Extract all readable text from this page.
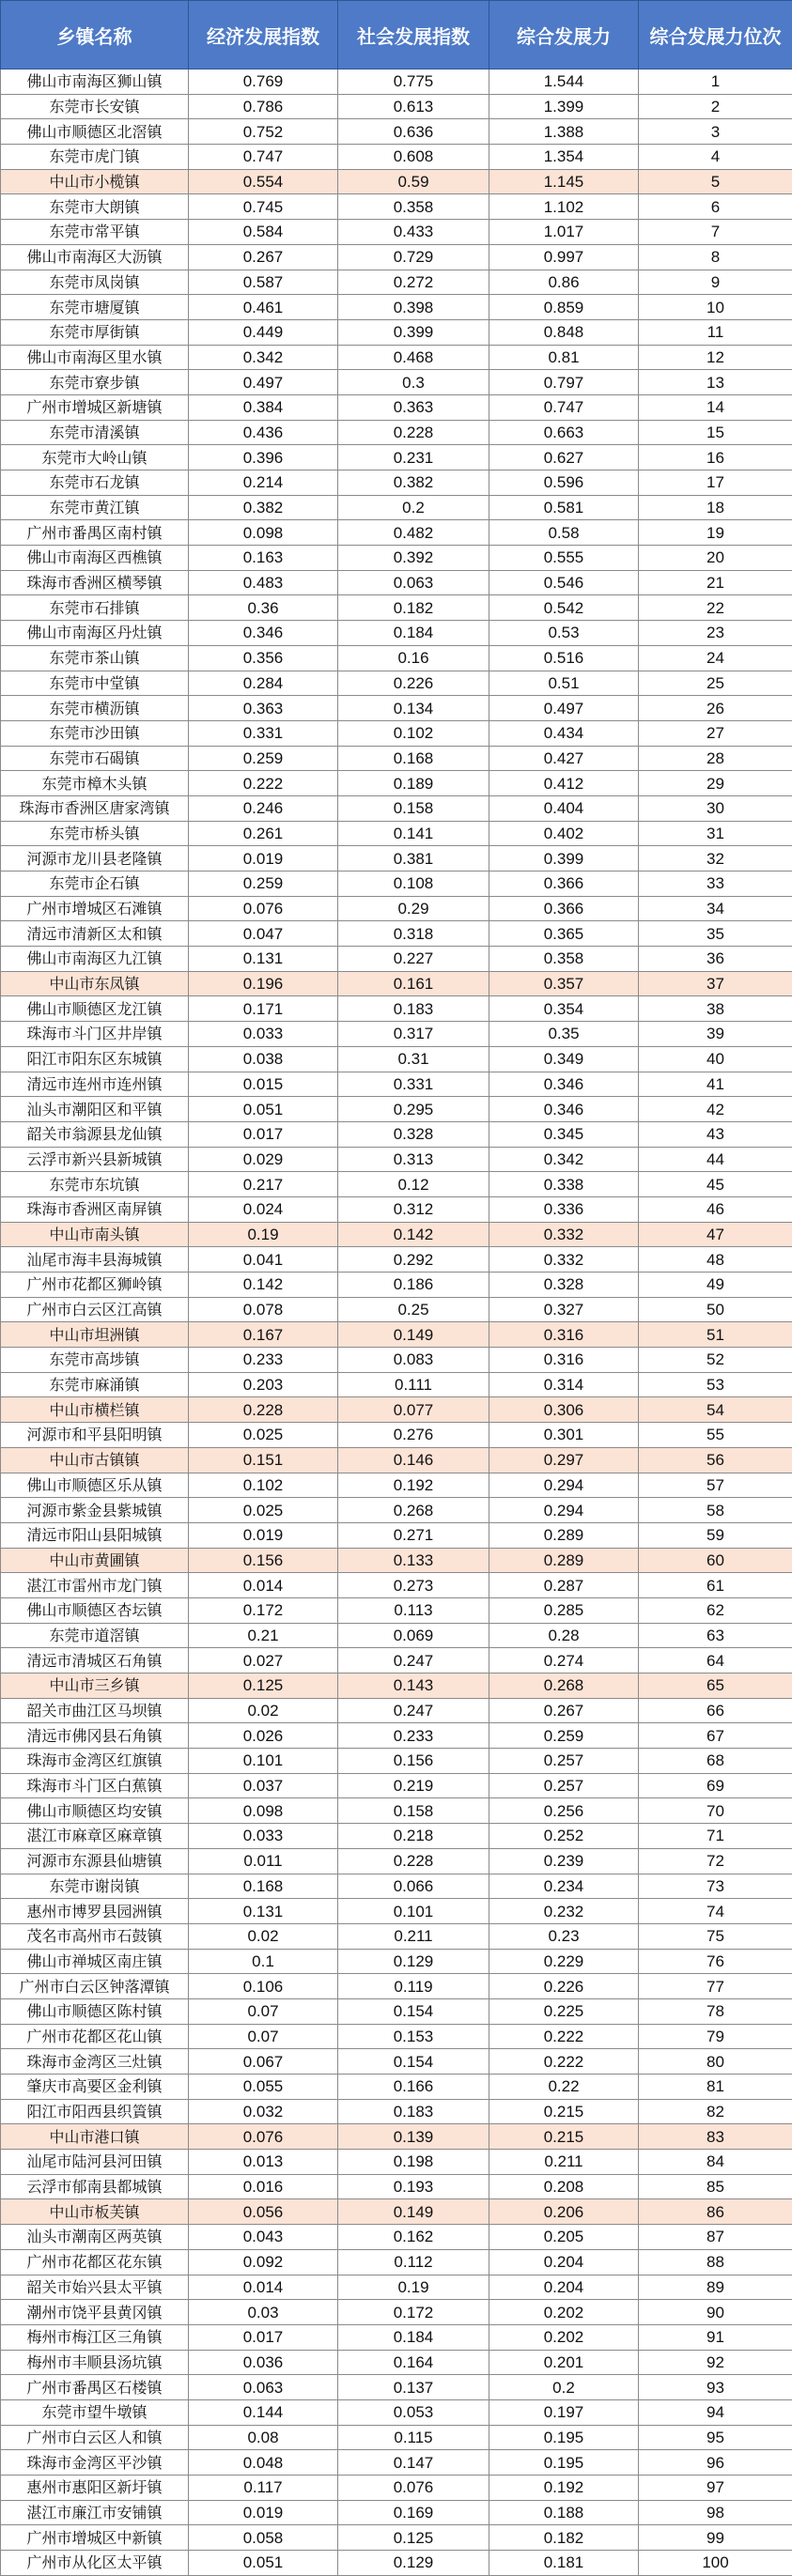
乡镇名称	经济发展指数	社会发展指数	综合发展力	综合发展力位次
佛山市南海区狮山镇	0.769	0.775	1.544	1
东莞市长安镇	0.786	0.613	1.399	2
佛山市顺德区北滘镇	0.752	0.636	1.388	3
东莞市虎门镇	0.747	0.608	1.354	4
中山市小榄镇	0.554	0.59	1.145	5
东莞市大朗镇	0.745	0.358	1.102	6
东莞市常平镇	0.584	0.433	1.017	7
佛山市南海区大沥镇	0.267	0.729	0.997	8
东莞市凤岗镇	0.587	0.272	0.86	9
东莞市塘厦镇	0.461	0.398	0.859	10
东莞市厚街镇	0.449	0.399	0.848	11
佛山市南海区里水镇	0.342	0.468	0.81	12
东莞市寮步镇	0.497	0.3	0.797	13
广州市增城区新塘镇	0.384	0.363	0.747	14
东莞市清溪镇	0.436	0.228	0.663	15
东莞市大岭山镇	0.396	0.231	0.627	16
东莞市石龙镇	0.214	0.382	0.596	17
东莞市黄江镇	0.382	0.2	0.581	18
广州市番禺区南村镇	0.098	0.482	0.58	19
佛山市南海区西樵镇	0.163	0.392	0.555	20
珠海市香洲区横琴镇	0.483	0.063	0.546	21
东莞市石排镇	0.36	0.182	0.542	22
佛山市南海区丹灶镇	0.346	0.184	0.53	23
东莞市茶山镇	0.356	0.16	0.516	24
东莞市中堂镇	0.284	0.226	0.51	25
东莞市横沥镇	0.363	0.134	0.497	26
东莞市沙田镇	0.331	0.102	0.434	27
东莞市石碣镇	0.259	0.168	0.427	28
东莞市樟木头镇	0.222	0.189	0.412	29
珠海市香洲区唐家湾镇	0.246	0.158	0.404	30
东莞市桥头镇	0.261	0.141	0.402	31
河源市龙川县老隆镇	0.019	0.381	0.399	32
东莞市企石镇	0.259	0.108	0.366	33
广州市增城区石滩镇	0.076	0.29	0.366	34
清远市清新区太和镇	0.047	0.318	0.365	35
佛山市南海区九江镇	0.131	0.227	0.358	36
中山市东凤镇	0.196	0.161	0.357	37
佛山市顺德区龙江镇	0.171	0.183	0.354	38
珠海市斗门区井岸镇	0.033	0.317	0.35	39
阳江市阳东区东城镇	0.038	0.31	0.349	40
清远市连州市连州镇	0.015	0.331	0.346	41
汕头市潮阳区和平镇	0.051	0.295	0.346	42
韶关市翁源县龙仙镇	0.017	0.328	0.345	43
云浮市新兴县新城镇	0.029	0.313	0.342	44
东莞市东坑镇	0.217	0.12	0.338	45
珠海市香洲区南屏镇	0.024	0.312	0.336	46
中山市南头镇	0.19	0.142	0.332	47
汕尾市海丰县海城镇	0.041	0.292	0.332	48
广州市花都区狮岭镇	0.142	0.186	0.328	49
广州市白云区江高镇	0.078	0.25	0.327	50
中山市坦洲镇	0.167	0.149	0.316	51
东莞市高埗镇	0.233	0.083	0.316	52
东莞市麻涌镇	0.203	0.111	0.314	53
中山市横栏镇	0.228	0.077	0.306	54
河源市和平县阳明镇	0.025	0.276	0.301	55
中山市古镇镇	0.151	0.146	0.297	56
佛山市顺德区乐从镇	0.102	0.192	0.294	57
河源市紫金县紫城镇	0.025	0.268	0.294	58
清远市阳山县阳城镇	0.019	0.271	0.289	59
中山市黄圃镇	0.156	0.133	0.289	60
湛江市雷州市龙门镇	0.014	0.273	0.287	61
佛山市顺德区杏坛镇	0.172	0.113	0.285	62
东莞市道滘镇	0.21	0.069	0.28	63
清远市清城区石角镇	0.027	0.247	0.274	64
中山市三乡镇	0.125	0.143	0.268	65
韶关市曲江区马坝镇	0.02	0.247	0.267	66
清远市佛冈县石角镇	0.026	0.233	0.259	67
珠海市金湾区红旗镇	0.101	0.156	0.257	68
珠海市斗门区白蕉镇	0.037	0.219	0.257	69
佛山市顺德区均安镇	0.098	0.158	0.256	70
湛江市麻章区麻章镇	0.033	0.218	0.252	71
河源市东源县仙塘镇	0.011	0.228	0.239	72
东莞市谢岗镇	0.168	0.066	0.234	73
惠州市博罗县园洲镇	0.131	0.101	0.232	74
茂名市高州市石鼓镇	0.02	0.211	0.23	75
佛山市禅城区南庄镇	0.1	0.129	0.229	76
广州市白云区钟落潭镇	0.106	0.119	0.226	77
佛山市顺德区陈村镇	0.07	0.154	0.225	78
广州市花都区花山镇	0.07	0.153	0.222	79
珠海市金湾区三灶镇	0.067	0.154	0.222	80
肇庆市高要区金利镇	0.055	0.166	0.22	81
阳江市阳西县织篢镇	0.032	0.183	0.215	82
中山市港口镇	0.076	0.139	0.215	83
汕尾市陆河县河田镇	0.013	0.198	0.211	84
云浮市郁南县都城镇	0.016	0.193	0.208	85
中山市板芙镇	0.056	0.149	0.206	86
汕头市潮南区两英镇	0.043	0.162	0.205	87
广州市花都区花东镇	0.092	0.112	0.204	88
韶关市始兴县太平镇	0.014	0.19	0.204	89
潮州市饶平县黄冈镇	0.03	0.172	0.202	90
梅州市梅江区三角镇	0.017	0.184	0.202	91
梅州市丰顺县汤坑镇	0.036	0.164	0.201	92
广州市番禺区石楼镇	0.063	0.137	0.2	93
东莞市望牛墩镇	0.144	0.053	0.197	94
广州市白云区人和镇	0.08	0.115	0.195	95
珠海市金湾区平沙镇	0.048	0.147	0.195	96
惠州市惠阳区新圩镇	0.117	0.076	0.192	97
湛江市廉江市安铺镇	0.019	0.169	0.188	98
广州市增城区中新镇	0.058	0.125	0.182	99
广州市从化区太平镇	0.051	0.129	0.181	100
